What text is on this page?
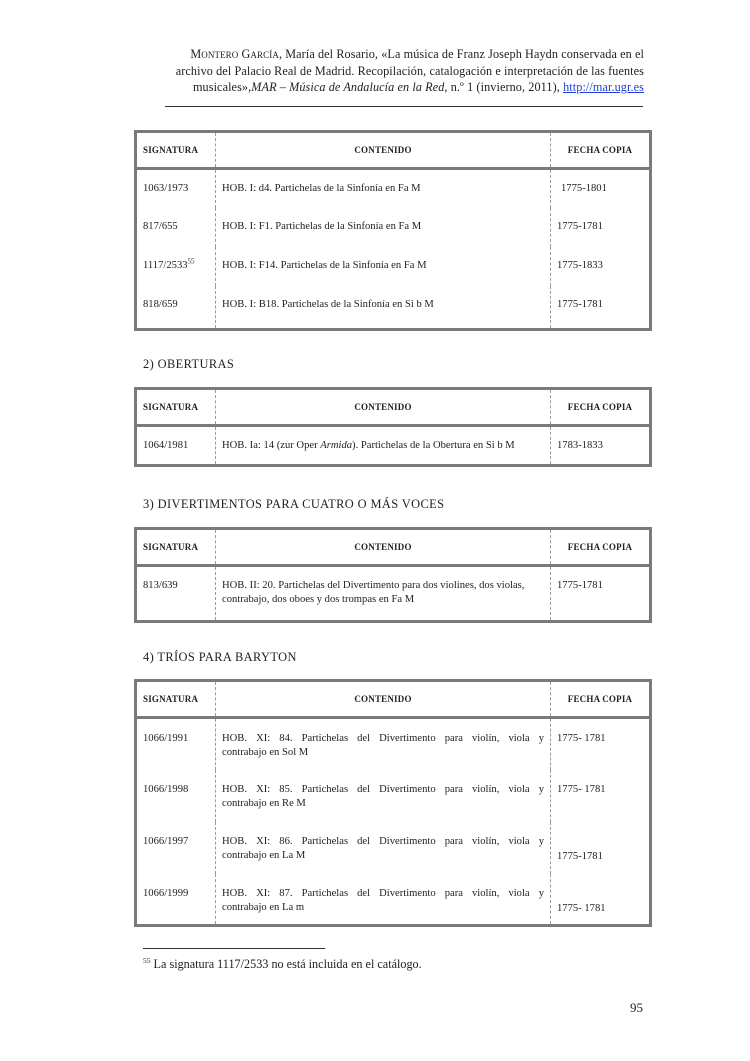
Montero García, María del Rosario, «La música de Franz Joseph Haydn conservada en el
archivo del Palacio Real de Madrid. Recopilación, catalogación e interpretación de las fuentes
musicales»,MAR – Música de Andalucía en la Red, n.º 1 (invierno, 2011), http://mar.ugr.es
SIGNATURA	CONTENIDO	FECHA COPIA
1063/1973	HOB. I: d4. Partichelas de la Sinfonía en Fa M	1775-1801
817/655	HOB. I: F1. Partichelas de la Sinfonía en Fa M	1775-1781
1117/2533$^{55}$	HOB. I: F14. Partichelas de la Sinfonía en Fa M	1775-1833
818/659	HOB. I: B18. Partichelas de la Sinfonía en Si b M	1775-1781
2) OBERTURAS
SIGNATURA	CONTENIDO	FECHA COPIA
1064/1981	HOB. Ia: 14 (zur Oper Armida). Partichelas de la Obertura en Si b M	1783-1833
3) DIVERTIMENTOS PARA CUATRO O MÁS VOCES
SIGNATURA	CONTENIDO	FECHA COPIA
813/639	HOB. II: 20. Partichelas del Divertimento para dos violines, dos violas,
contrabajo, dos oboes y dos trompas en Fa M	1775-1781
4) TRÍOS PARA BARYTON
SIGNATURA	CONTENIDO	FECHA COPIA
1066/1991	HOB. XI: 84. Partichelas del Divertimento para violín, viola y
contrabajo en Sol M	1775- 1781
1066/1998	HOB. XI: 85. Partichelas del Divertimento para violín, viola y
contrabajo en Re M	1775- 1781
1066/1997	HOB. XI: 86. Partichelas del Divertimento para violín, viola y
contrabajo en La M	1775-1781
1066/1999	HOB. XI: 87. Partichelas del Divertimento para violín, viola y
contrabajo en La m	1775- 1781
$^{55}$ La signatura 1117/2533 no está incluida en el catálogo.
95
